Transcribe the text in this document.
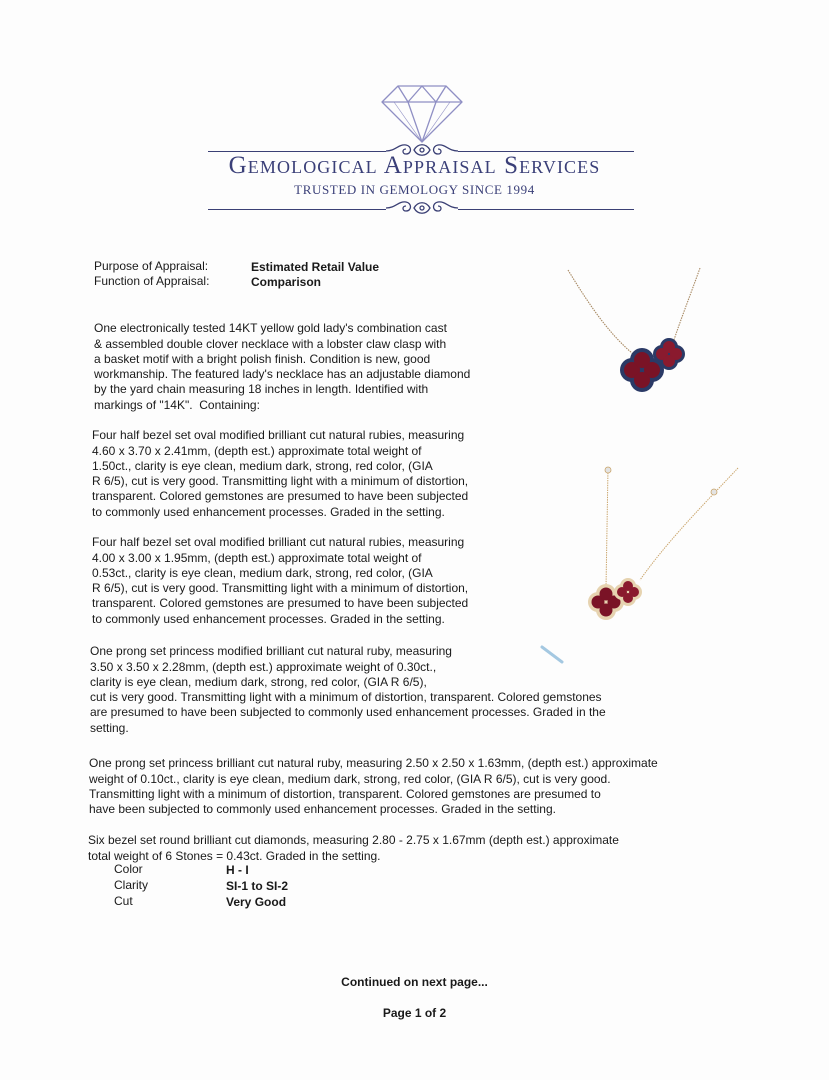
Gemological Appraisal Services
TRUSTED IN GEMOLOGY SINCE 1994
Purpose of Appraisal:	Estimated Retail Value
Function of Appraisal:	Comparison

One electronically tested 14KT yellow gold lady's combination cast
& assembled double clover necklace with a lobster claw clasp with
a basket motif with a bright polish finish. Condition is new, good
workmanship. The featured lady's necklace has an adjustable diamond
by the yard chain measuring 18 inches in length. Identified with
markings of "14K".  Containing:

Four half bezel set oval modified brilliant cut natural rubies, measuring
4.60 x 3.70 x 2.41mm, (depth est.) approximate total weight of
1.50ct., clarity is eye clean, medium dark, strong, red color, (GIA
R 6/5), cut is very good. Transmitting light with a minimum of distortion,
transparent. Colored gemstones are presumed to have been subjected
to commonly used enhancement processes. Graded in the setting.

Four half bezel set oval modified brilliant cut natural rubies, measuring
4.00 x 3.00 x 1.95mm, (depth est.) approximate total weight of
0.53ct., clarity is eye clean, medium dark, strong, red color, (GIA
R 6/5), cut is very good. Transmitting light with a minimum of distortion,
transparent. Colored gemstones are presumed to have been subjected
to commonly used enhancement processes. Graded in the setting.

One prong set princess modified brilliant cut natural ruby, measuring
3.50 x 3.50 x 2.28mm, (depth est.) approximate weight of 0.30ct.,
clarity is eye clean, medium dark, strong, red color, (GIA R 6/5),
cut is very good. Transmitting light with a minimum of distortion, transparent. Colored gemstones
are presumed to have been subjected to commonly used enhancement processes. Graded in the
setting.

One prong set princess brilliant cut natural ruby, measuring 2.50 x 2.50 x 1.63mm, (depth est.) approximate
weight of 0.10ct., clarity is eye clean, medium dark, strong, red color, (GIA R 6/5), cut is very good.
Transmitting light with a minimum of distortion, transparent. Colored gemstones are presumed to
have been subjected to commonly used enhancement processes. Graded in the setting.

Six bezel set round brilliant cut diamonds, measuring 2.80 - 2.75 x 1.67mm (depth est.) approximate
total weight of 6 Stones = 0.43ct. Graded in the setting.

Color	H - I
Clarity	SI-1 to SI-2
Cut	Very Good
Continued on next page...
Page 1 of 2
